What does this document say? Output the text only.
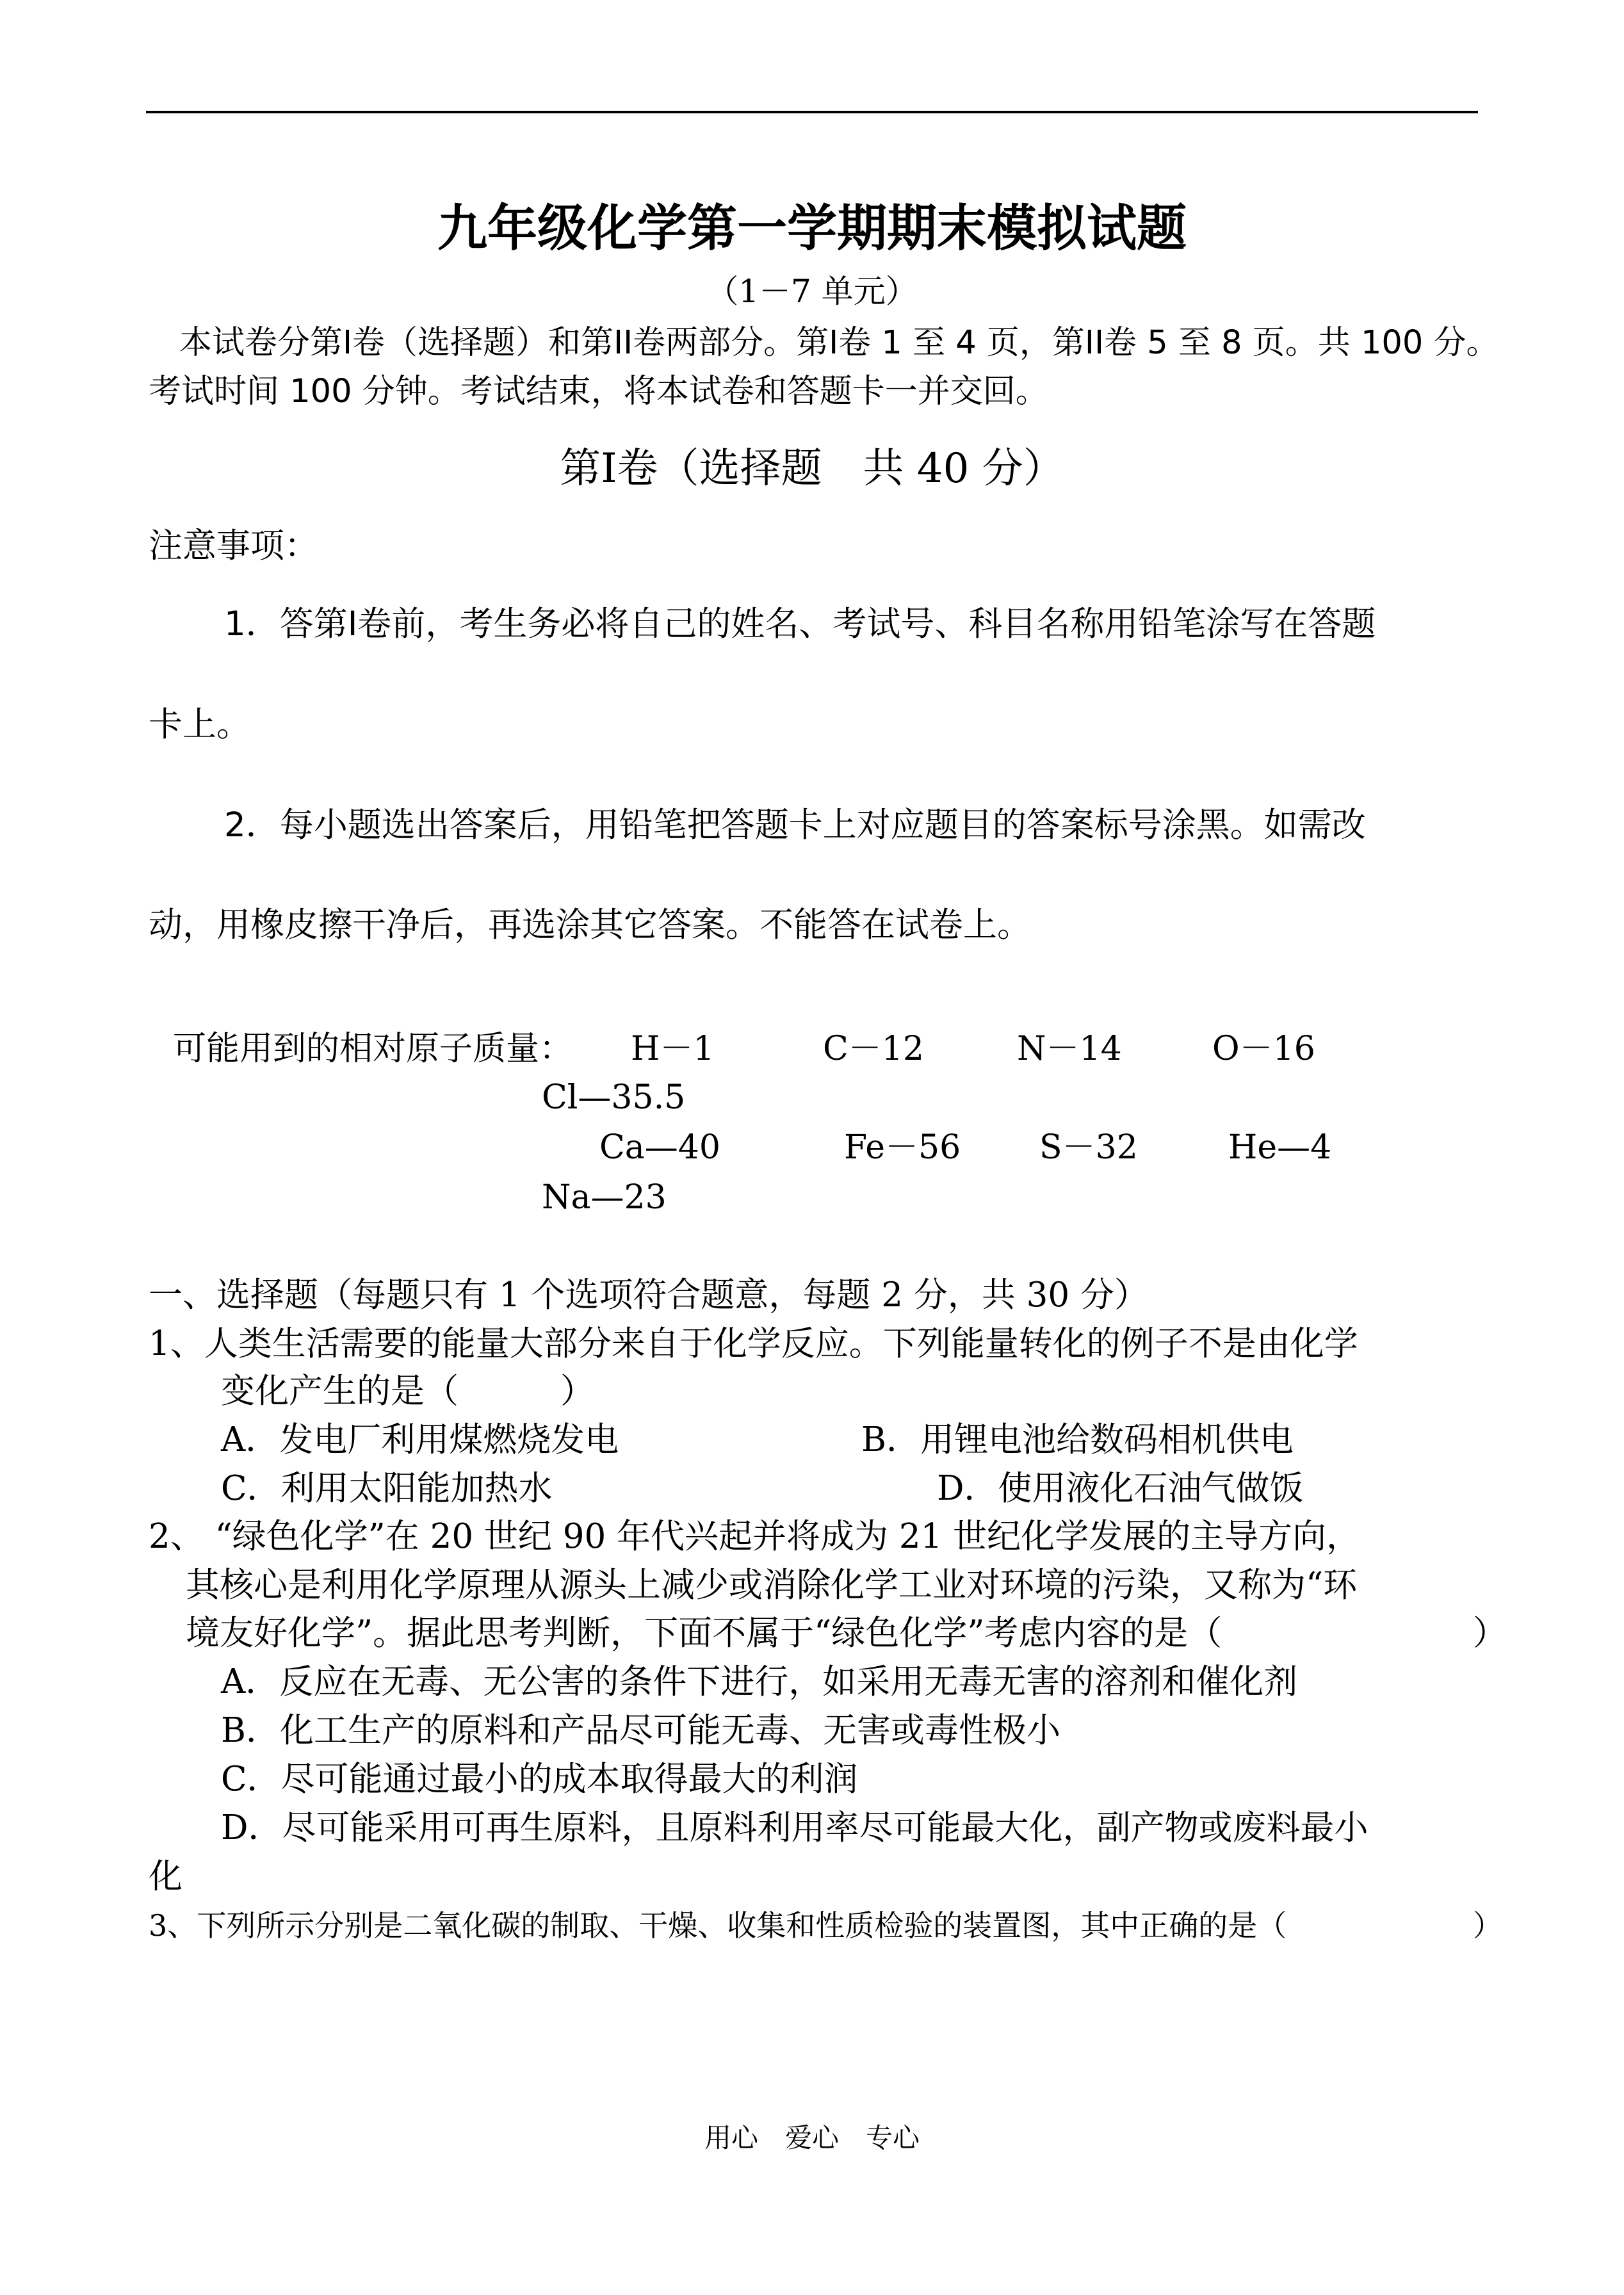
九年级化学第一学期期末模拟试题
（1－7 单元）
本试卷分第I卷（选择题）和第II卷两部分。第I卷 1 至 4 页，第II卷 5 至 8 页。共 100 分。
考试时间 100 分钟。考试结束，将本试卷和答题卡一并交回。
第I卷（选择题　共 40 分）
注意事项：
1．答第I卷前，考生务必将自己的姓名、考试号、科目名称用铅笔涂写在答题
卡上。
2．每小题选出答案后，用铅笔把答题卡上对应题目的答案标号涂黑。如需改
动，用橡皮擦干净后，再选涂其它答案。不能答在试卷上。
可能用到的相对原子质量： H－1	C－12	N－14	O－16
Cl—35.5
Ca—40	Fe－56 S－32	He—4
Na—23
一、选择题（每题只有 1 个选项符合题意，每题 2 分，共 30 分）
1、人类生活需要的能量大部分来自于化学反应。下列能量转化的例子不是由化学
变化产生的是（　　　）
A．发电厂利用煤燃烧发电	B．用锂电池给数码相机供电
C．利用太阳能加热水	D．使用液化石油气做饭
2、 “绿色化学”在 20 世纪 90 年代兴起并将成为 21 世纪化学发展的主导方向，
其核心是利用化学原理从源头上减少或消除化学工业对环境的污染，又称为“环
境友好化学”。据此思考判断，下面不属于“绿色化学”考虑内容的是（	）
A．反应在无毒、无公害的条件下进行，如采用无毒无害的溶剂和催化剂
B．化工生产的原料和产品尽可能无毒、无害或毒性极小
C．尽可能通过最小的成本取得最大的利润
D．尽可能采用可再生原料，且原料利用率尽可能最大化，副产物或废料最小
化
3、下列所示分别是二氧化碳的制取、干燥、收集和性质检验的装置图，其中正确的是（	）
用心　爱心　专心
